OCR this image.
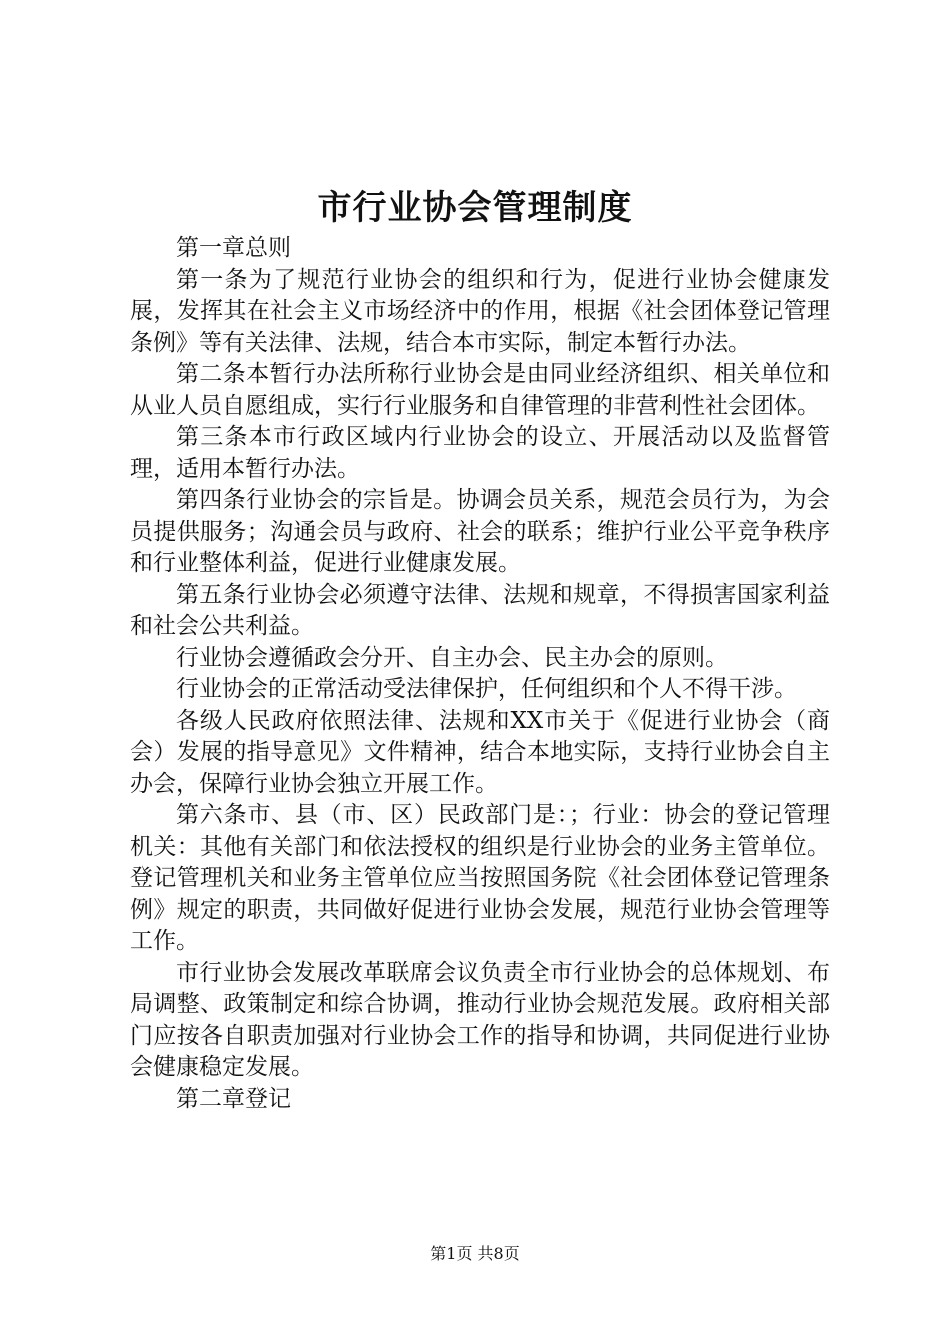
市行业协会管理制度

第一章总则

第一条为了规范行业协会的组织和行为，促进行业协会健康发展，发挥其在社会主义市场经济中的作用，根据《社会团体登记管理条例》等有关法律、法规，结合本市实际，制定本暂行办法。

第二条本暂行办法所称行业协会是由同业经济组织、相关单位和从业人员自愿组成，实行行业服务和自律管理的非营利性社会团体。

第三条本市行政区域内行业协会的设立、开展活动以及监督管理，适用本暂行办法。

第四条行业协会的宗旨是。协调会员关系，规范会员行为，为会员提供服务；沟通会员与政府、社会的联系；维护行业公平竞争秩序和行业整体利益，促进行业健康发展。

第五条行业协会必须遵守法律、法规和规章，不得损害国家利益和社会公共利益。

行业协会遵循政会分开、自主办会、民主办会的原则。

行业协会的正常活动受法律保护，任何组织和个人不得干涉。

各级人民政府依照法律、法规和XX市关于《促进行业协会（商会）发展的指导意见》文件精神，结合本地实际，支持行业协会自主办会，保障行业协会独立开展工作。

第六条市、县（市、区）民政部门是：；行业：协会的登记管理机关：其他有关部门和依法授权的组织是行业协会的业务主管单位。登记管理机关和业务主管单位应当按照国务院《社会团体登记管理条例》规定的职责，共同做好促进行业协会发展，规范行业协会管理等工作。

市行业协会发展改革联席会议负责全市行业协会的总体规划、布局调整、政策制定和综合协调，推动行业协会规范发展。政府相关部门应按各自职责加强对行业协会工作的指导和协调，共同促进行业协会健康稳定发展。

第二章登记

第1页 共8页
